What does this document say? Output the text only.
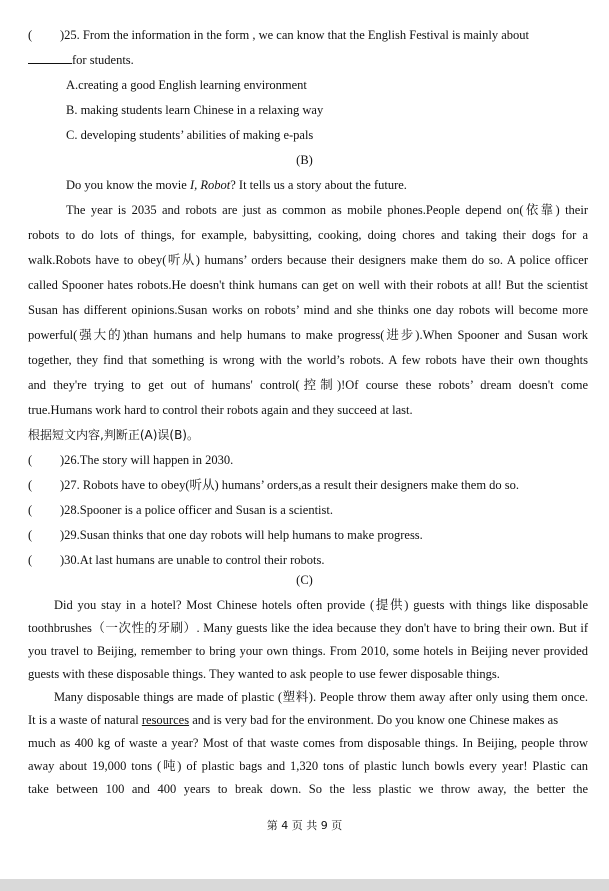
( )25. From the information in the form , we can know that the English Festival is mainly about
for students.
A.creating a good English learning environment
B. making students learn Chinese in a relaxing way
C. developing students’ abilities of making e-pals
(B)
Do you know the movie I, Robot? It tells us a story about the future.
The year is 2035 and robots are just as common as mobile phones.People depend on(依靠) their
robots to do lots of things, for example, babysitting, cooking, doing chores and taking their dogs for a
walk.Robots have to obey(听从) humans’ orders because their designers make them do so. A police officer
called Spooner hates robots.He doesn't think humans can get on well with their robots at all! But the scientist
Susan has different opinions.Susan works on robots’ mind and she thinks one day robots will become more
powerful(强大的)than humans and help humans to make progress(进步).When Spooner and Susan work
together, they find that something is wrong with the world’s robots. A few robots have their own thoughts
and they're trying to get out of humans' control(控制)!Of course these robots’ dream doesn't come
true.Humans work hard to control their robots again and they succeed at last.
根据短文内容,判断正(A)误(B)。
( )26.The story will happen in 2030.
( )27. Robots have to obey(听从) humans’ orders,as a result their designers make them do so.
( )28.Spooner is a police officer and Susan is a scientist.
( )29.Susan thinks that one day robots will help humans to make progress.
( )30.At last humans are unable to control their robots.
(C)
Did you stay in a hotel? Most Chinese hotels often provide (提供) guests with things like disposable
toothbrushes（一次性的牙刷）. Many guests like the idea because they don't have to bring their own. But if
you travel to Beijing, remember to bring your own things. From 2010, some hotels in Beijing never provided
guests with these disposable things. They wanted to ask people to use fewer disposable things.
Many disposable things are made of plastic (塑料). People throw them away after only using them once.
It is a waste of natural resources and is very bad for the environment. Do you know one Chinese makes as
much as 400 kg of waste a year? Most of that waste comes from disposable things. In Beijing, people throw
away about 19,000 tons (吨) of plastic bags and 1,320 tons of plastic lunch bowls every year! Plastic can
take between 100 and 400 years to break down. So the less plastic we throw away, the better the
第 4 页 共 9 页
